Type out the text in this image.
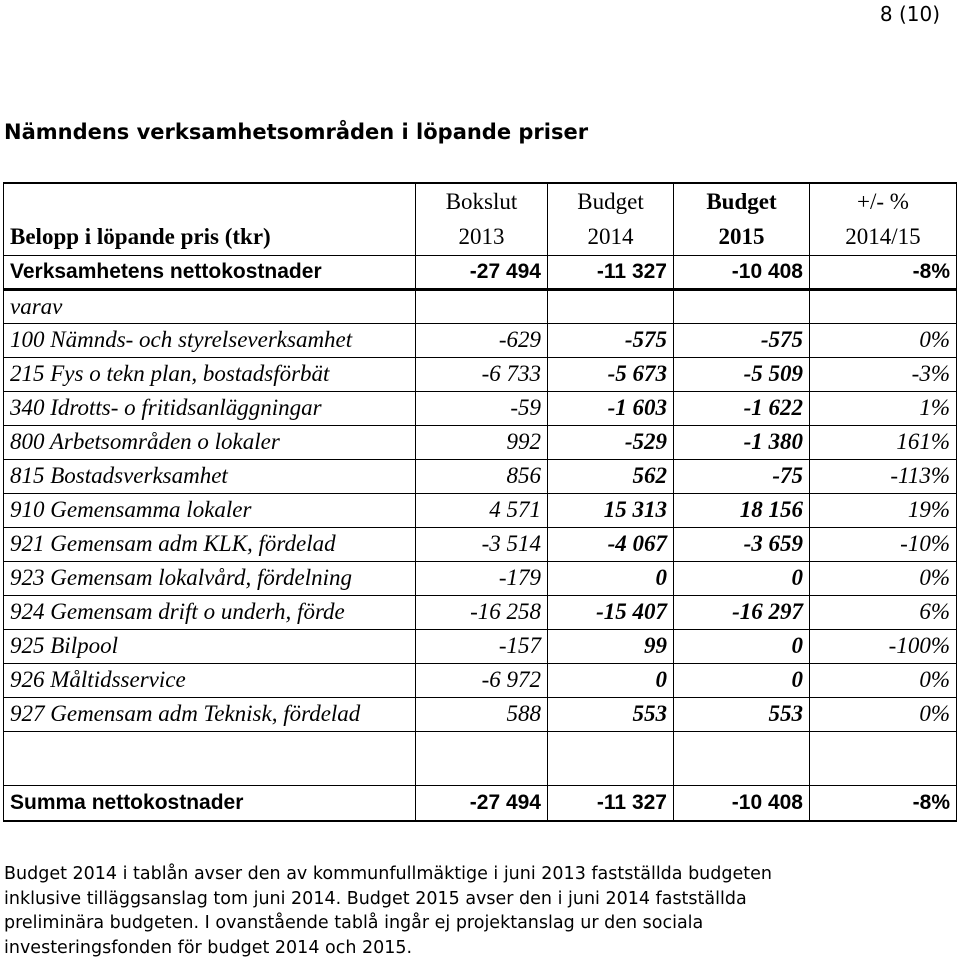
8 (10)
Nämndens verksamhetsområden i löpande priser
	Bokslut	Budget	Budget	+/- %
Belopp i löpande pris (tkr)	2013	2014	2015	2014/15
Verksamhetens nettokostnader	-27 494	-11 327	-10 408	-8%
varav				
100 Nämnds- och styrelseverksamhet	-629	-575	-575	0%
215 Fys o tekn plan, bostadsförbät	-6 733	-5 673	-5 509	-3%
340 Idrotts- o fritidsanläggningar	-59	-1 603	-1 622	1%
800 Arbetsområden o lokaler	992	-529	-1 380	161%
815 Bostadsverksamhet	856	562	-75	-113%
910 Gemensamma lokaler	4 571	15 313	18 156	19%
921 Gemensam adm KLK, fördelad	-3 514	-4 067	-3 659	-10%
923 Gemensam lokalvård, fördelning	-179	0	0	0%
924 Gemensam drift o underh, förde	-16 258	-15 407	-16 297	6%
925 Bilpool	-157	99	0	-100%
926 Måltidsservice	-6 972	0	0	0%
927 Gemensam adm Teknisk, fördelad	588	553	553	0%

Summa nettokostnader	-27 494	-11 327	-10 408	-8%
Budget 2014 i tablån avser den av kommunfullmäktige i juni 2013 fastställda budgeten
inklusive tilläggsanslag tom juni 2014. Budget 2015 avser den i juni 2014 fastställda
preliminära budgeten. I ovanstående tablå ingår ej projektanslag ur den sociala
investeringsfonden för budget 2014 och 2015.
